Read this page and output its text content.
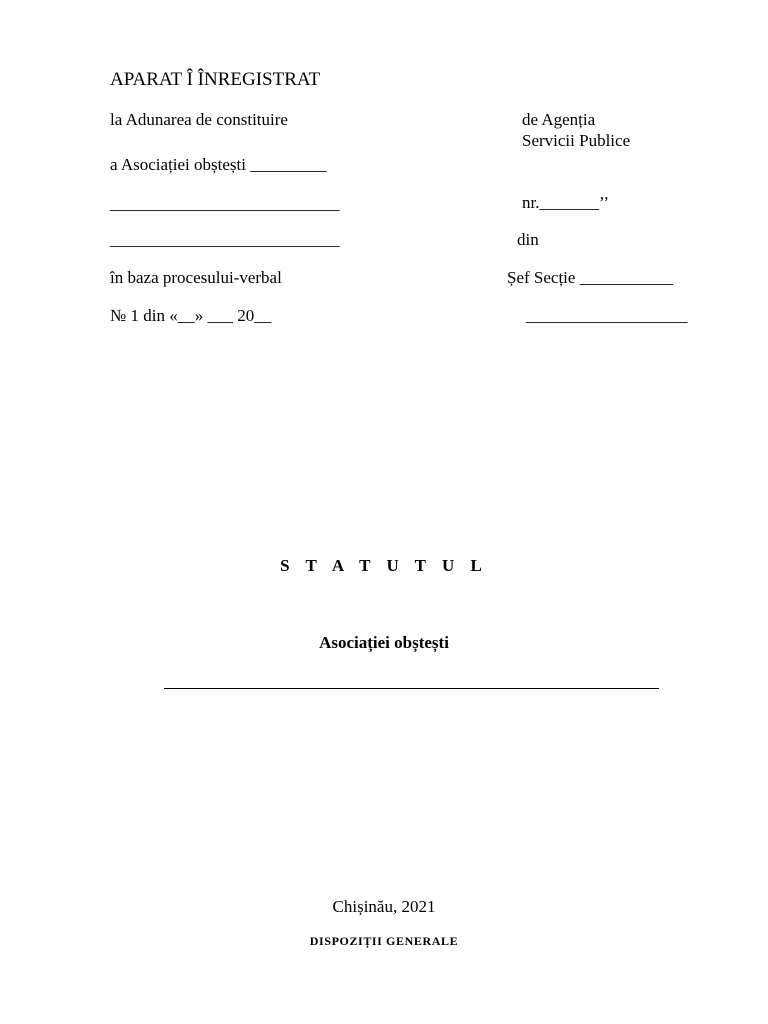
APARAT Î ÎNREGISTRAT
la Adunarea de constituire
a Asociației obștești _________
___________________________
___________________________
în baza procesului-verbal
№ 1 din «__» ___ 20__
de Agenția
Servicii Publice
nr._______’’
din
Șef Secție ___________
___________________
S T A T U T U L
Asociației obștești
Chișinău, 2021
DISPOZIȚII GENERALE
